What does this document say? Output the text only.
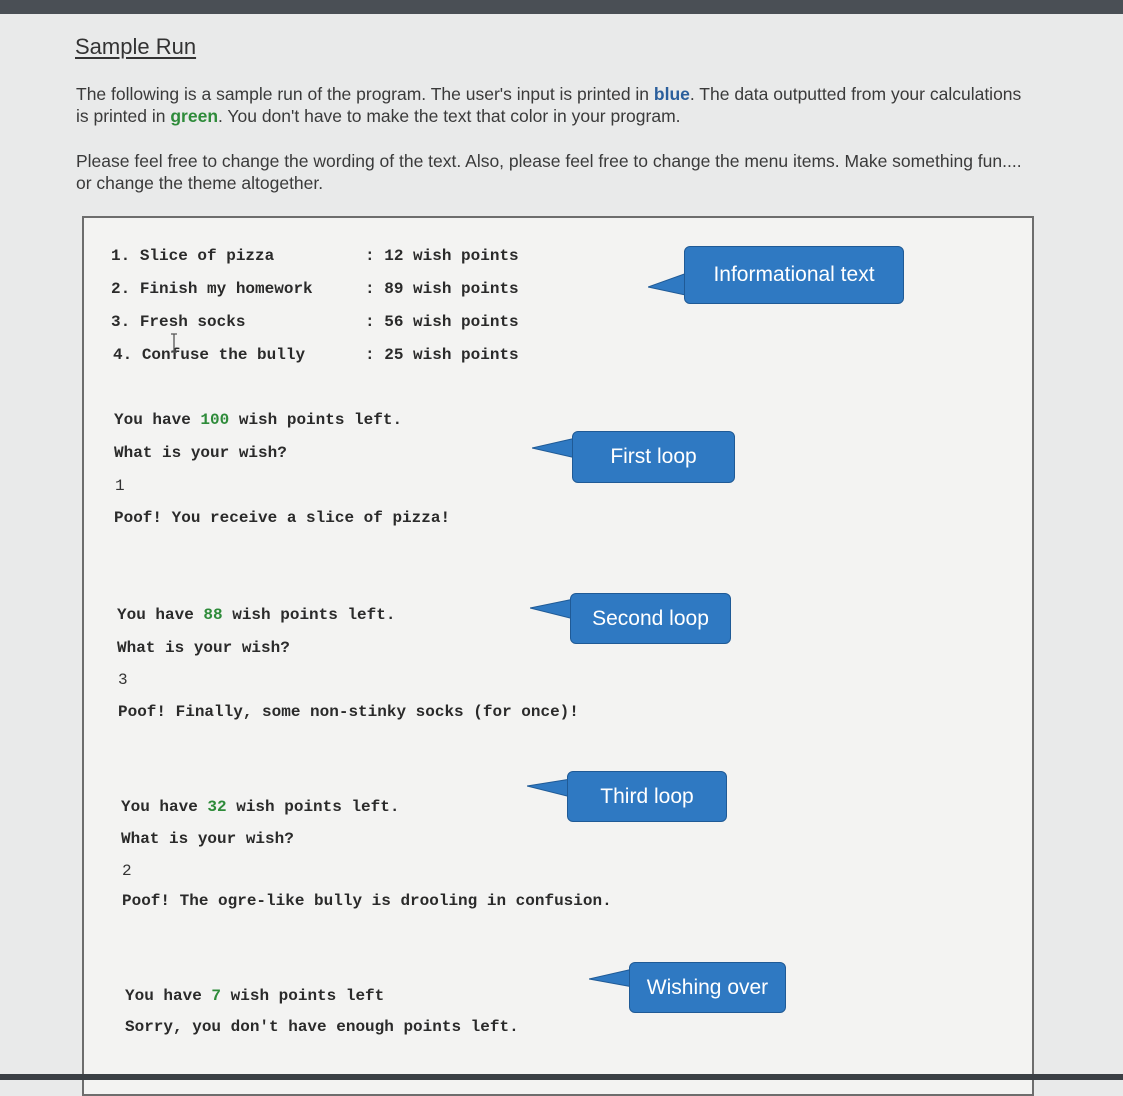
Sample Run
The following is a sample run of the program. The user's input is printed in blue. The data outputted from your calculations is printed in green. You don't have to make the text that color in your program.
Please feel free to change the wording of the text. Also, please feel free to change the menu items. Make something fun.... or change the theme altogether.
1. Slice of pizza	: 12 wish points
2. Finish my homework	: 89 wish points
3. Fresh socks	: 56 wish points
4. Confuse the bully	: 25 wish points
You have 100 wish points left.
What is your wish?
1
Poof! You receive a slice of pizza!
You have 88 wish points left.
What is your wish?
3
Poof! Finally, some non-stinky socks (for once)!
You have 32 wish points left.
What is your wish?
2
Poof! The ogre-like bully is drooling in confusion.
You have 7 wish points left
Sorry, you don't have enough points left.
Informational text
First loop
Second loop
Third loop
Wishing over
